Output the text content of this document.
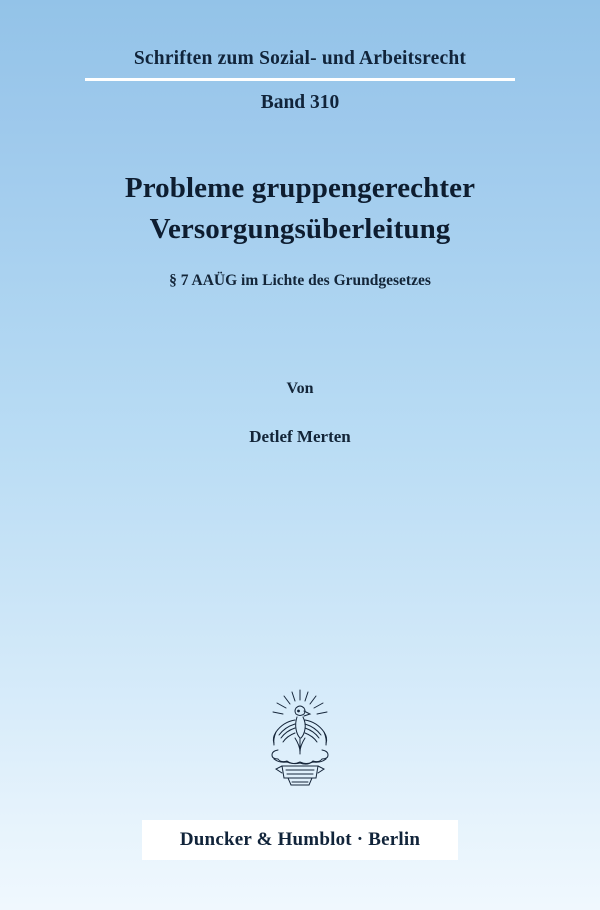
Schriften zum Sozial- und Arbeitsrecht
Band 310
Probleme gruppengerechter
Versorgungsüberleitung
§ 7 AAÜG im Lichte des Grundgesetzes
Von
Detlef Merten
Duncker & Humblot · Berlin
